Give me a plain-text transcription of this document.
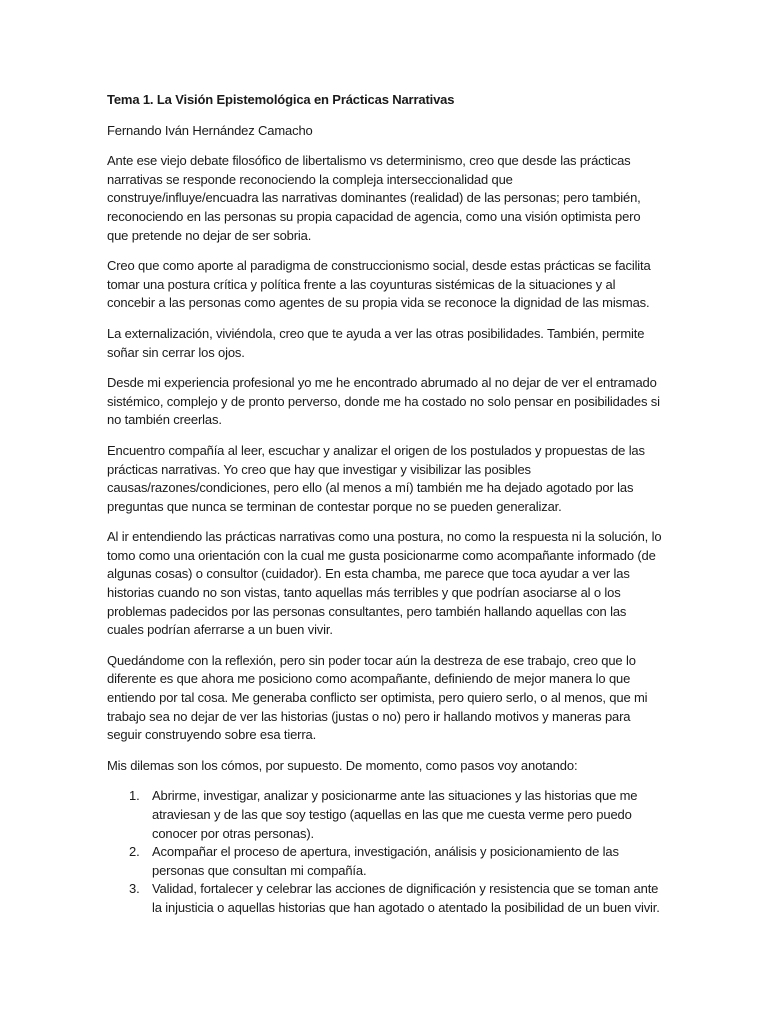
Tema 1. La Visión Epistemológica en Prácticas Narrativas
Fernando Iván Hernández Camacho
Ante ese viejo debate filosófico de libertalismo vs determinismo, creo que desde las prácticas narrativas se responde reconociendo la compleja interseccionalidad que construye/influye/encuadra las narrativas dominantes (realidad) de las personas; pero también, reconociendo en las personas su propia capacidad de agencia, como una visión optimista pero que pretende no dejar de ser sobria.
Creo que como aporte al paradigma de construccionismo social, desde estas prácticas se facilita tomar una postura crítica y política frente a las coyunturas sistémicas de la situaciones y al concebir a las personas como agentes de su propia vida se reconoce la dignidad de las mismas.
La externalización, viviéndola, creo que te ayuda a ver las otras posibilidades. También, permite soñar sin cerrar los ojos.
Desde mi experiencia profesional yo me he encontrado abrumado al no dejar de ver el entramado sistémico, complejo y de pronto perverso, donde me ha costado no solo pensar en posibilidades si no también creerlas.
Encuentro compañía al leer, escuchar y analizar el origen de los postulados y propuestas de las prácticas narrativas. Yo creo que hay que investigar y visibilizar las posibles causas/razones/condiciones, pero ello (al menos a mí) también me ha dejado agotado por las preguntas que nunca se terminan de contestar porque no se pueden generalizar.
Al ir entendiendo las prácticas narrativas como una postura, no como la respuesta ni la solución, lo tomo como una orientación con la cual me gusta posicionarme como acompañante informado (de algunas cosas) o consultor (cuidador). En esta chamba, me parece que toca ayudar a ver las historias cuando no son vistas, tanto aquellas más terribles y que podrían asociarse al o los problemas padecidos por las personas consultantes, pero también hallando aquellas con las cuales podrían aferrarse a un buen vivir.
Quedándome con la reflexión, pero sin poder tocar aún la destreza de ese trabajo, creo que lo diferente es que ahora me posiciono como acompañante, definiendo de mejor manera lo que entiendo por tal cosa. Me generaba conflicto ser optimista, pero quiero serlo, o al menos, que mi trabajo sea no dejar de ver las historias (justas o no) pero ir hallando motivos y maneras para seguir construyendo sobre esa tierra.
Mis dilemas son los cómos, por supuesto. De momento, como pasos voy anotando:
1. Abrirme, investigar, analizar y posicionarme ante las situaciones y las historias que me atraviesan y de las que soy testigo (aquellas en las que me cuesta verme pero puedo conocer por otras personas).
2. Acompañar el proceso de apertura, investigación, análisis y posicionamiento de las personas que consultan mi compañía.
3. Validad, fortalecer y celebrar las acciones de dignificación y resistencia que se toman ante la injusticia o aquellas historias que han agotado o atentado la posibilidad de un buen vivir.
